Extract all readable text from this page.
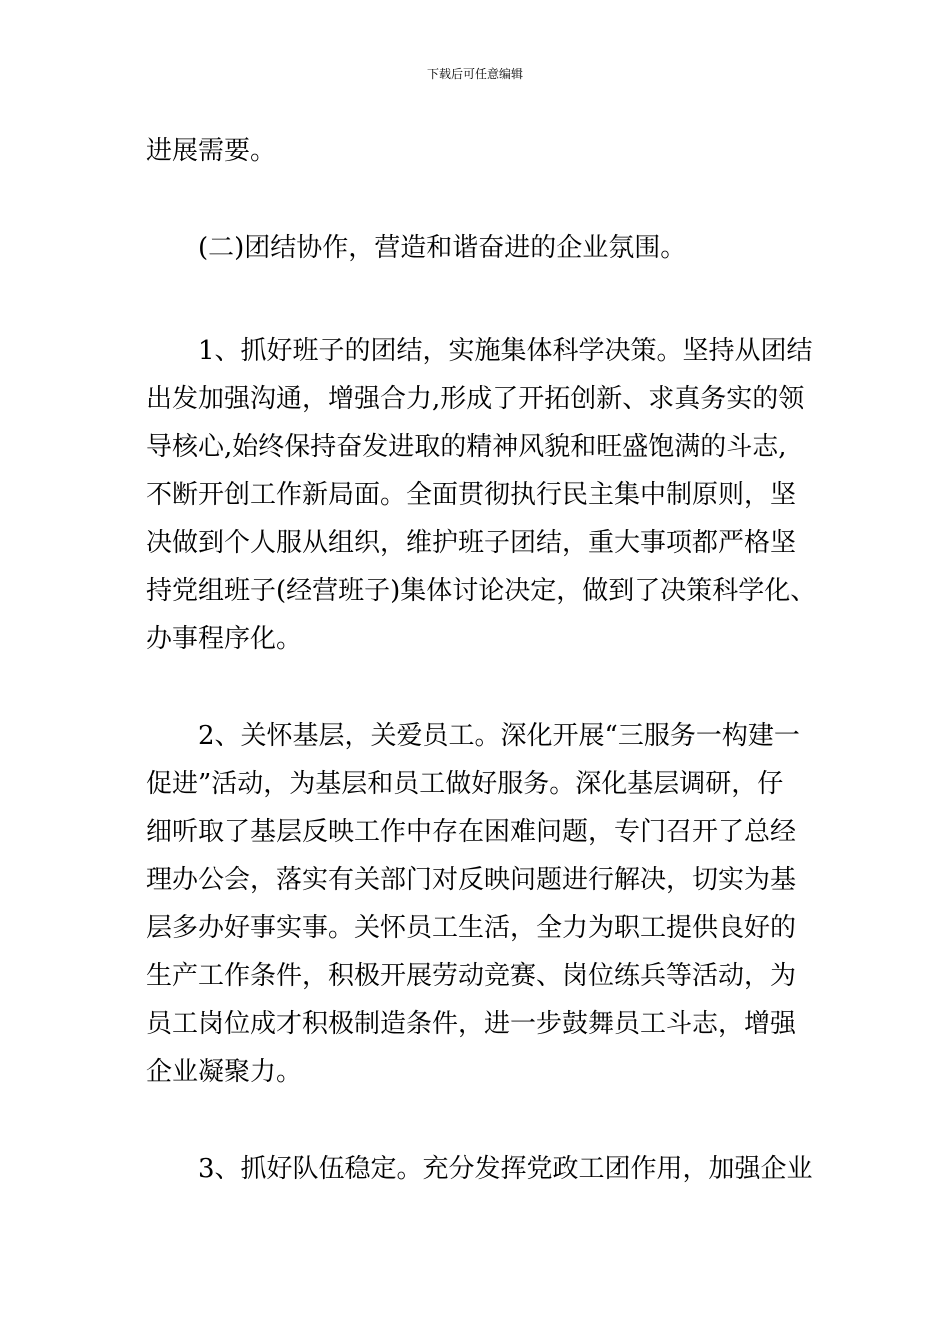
下载后可任意编辑
进展需要。
(二)团结协作，营造和谐奋进的企业氛围。
1、抓好班子的团结，实施集体科学决策。坚持从团结
出发加强沟通，增强合力,形成了开拓创新、求真务实的领
导核心,始终保持奋发进取的精神风貌和旺盛饱满的斗志,
不断开创工作新局面。全面贯彻执行民主集中制原则，坚
决做到个人服从组织，维护班子团结，重大事项都严格坚
持党组班子(经营班子)集体讨论决定，做到了决策科学化、
办事程序化。
2、关怀基层，关爱员工。深化开展“三服务一构建一
促进”活动，为基层和员工做好服务。深化基层调研，仔
细听取了基层反映工作中存在困难问题，专门召开了总经
理办公会，落实有关部门对反映问题进行解决，切实为基
层多办好事实事。关怀员工生活，全力为职工提供良好的
生产工作条件，积极开展劳动竞赛、岗位练兵等活动，为
员工岗位成才积极制造条件，进一步鼓舞员工斗志，增强
企业凝聚力。
3、抓好队伍稳定。充分发挥党政工团作用，加强企业
